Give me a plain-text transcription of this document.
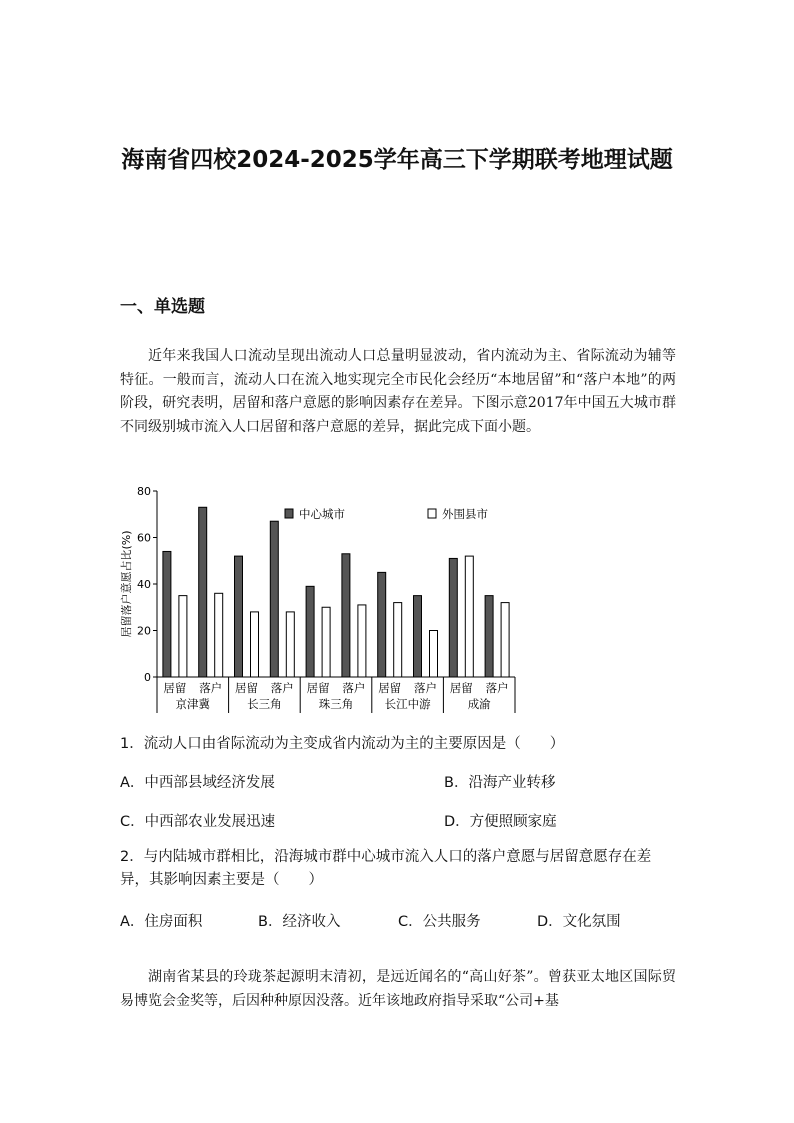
海南省四校2024-2025学年高三下学期联考地理试题
一、单选题
近年来我国人口流动呈现出流动人口总量明显波动，省内流动为主、省际流动为辅等特征。一般而言，流动人口在流入地实现完全市民化会经历“本地居留”和“落户本地”的两阶段，研究表明，居留和落户意愿的影响因素存在差异。下图示意2017年中国五大城市群不同级别城市流入人口居留和落户意愿的差异，据此完成下面小题。
0
20
40
60
80
居留落户意愿占比(%)
居留 落户 居留 落户 居留 落户 居留 落户 居留 落户
京津冀	长三角	珠三角	长江中游	成渝
中心城市	外围县市
1．流动人口由省际流动为主变成省内流动为主的主要原因是（　　）
A．中西部县域经济发展	B．沿海产业转移
C．中西部农业发展迅速	D．方便照顾家庭
2．与内陆城市群相比，沿海城市群中心城市流入人口的落户意愿与居留意愿存在差异，其影响因素主要是（　　）
A．住房面积	B．经济收入	C．公共服务	D．文化氛围
湖南省某县的玲珑茶起源明末清初，是远近闻名的“高山好茶”。曾获亚太地区国际贸易博览会金奖等，后因种种原因没落。近年该地政府指导采取“公司+基
